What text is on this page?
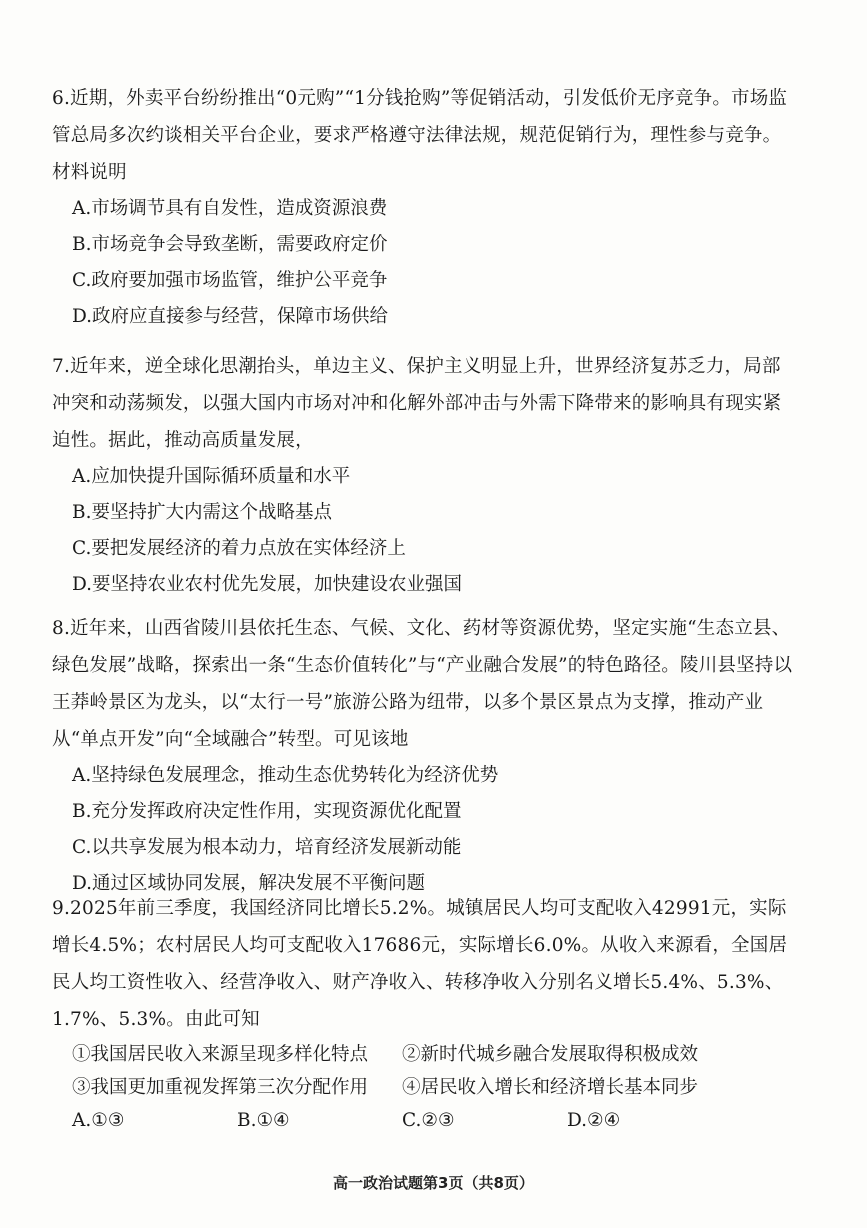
6.近期，外卖平台纷纷推出“0元购”“1分钱抢购”等促销活动，引发低价无序竞争。市场监管总局多次约谈相关平台企业，要求严格遵守法律法规，规范促销行为，理性参与竞争。材料说明

A.市场调节具有自发性，造成资源浪费

B.市场竞争会导致垄断，需要政府定价

C.政府要加强市场监管，维护公平竞争

D.政府应直接参与经营，保障市场供给

7.近年来，逆全球化思潮抬头，单边主义、保护主义明显上升，世界经济复苏乏力，局部冲突和动荡频发，以强大国内市场对冲和化解外部冲击与外需下降带来的影响具有现实紧迫性。据此，推动高质量发展，

A.应加快提升国际循环质量和水平

B.要坚持扩大内需这个战略基点

C.要把发展经济的着力点放在实体经济上

D.要坚持农业农村优先发展，加快建设农业强国

8.近年来，山西省陵川县依托生态、气候、文化、药材等资源优势，坚定实施“生态立县、绿色发展”战略，探索出一条“生态价值转化”与“产业融合发展”的特色路径。陵川县坚持以王莽岭景区为龙头，以“太行一号”旅游公路为纽带，以多个景区景点为支撑，推动产业从“单点开发”向“全域融合”转型。可见该地

A.坚持绿色发展理念，推动生态优势转化为经济优势

B.充分发挥政府决定性作用，实现资源优化配置

C.以共享发展为根本动力，培育经济发展新动能

D.通过区域协同发展，解决发展不平衡问题

9.2025年前三季度，我国经济同比增长5.2%。城镇居民人均可支配收入42991元，实际增长4.5%；农村居民人均可支配收入17686元，实际增长6.0%。从收入来源看，全国居民人均工资性收入、经营净收入、财产净收入、转移净收入分别名义增长5.4%、5.3%、1.7%、5.3%。由此可知

①我国居民收入来源呈现多样化特点	②新时代城乡融合发展取得积极成效
③我国更加重视发挥第三次分配作用	④居民收入增长和经济增长基本同步
A.①③	B.①④	C.②③	D.②④
高一政治试题第3页（共8页）
